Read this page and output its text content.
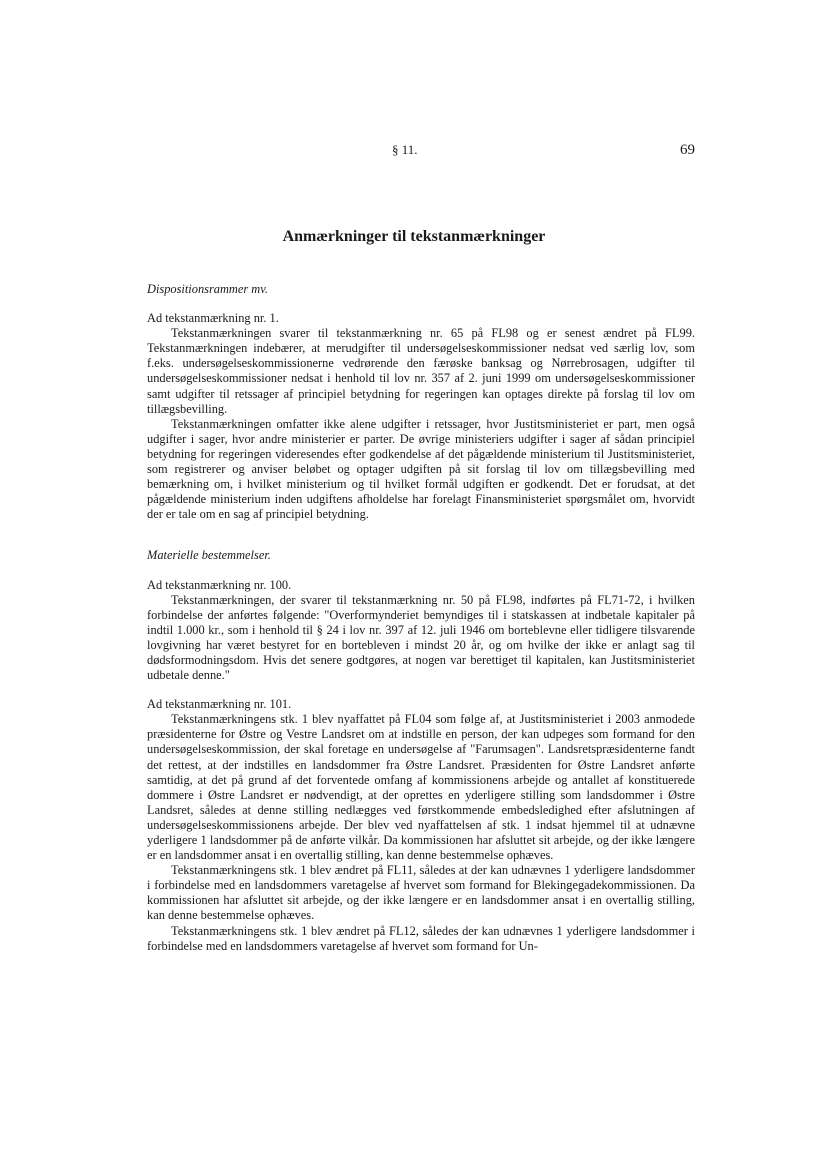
§ 11.	69
Anmærkninger til tekstanmærkninger

Dispositionsrammer mv.

Ad tekstanmærkning nr. 1.

Tekstanmærkningen svarer til tekstanmærkning nr. 65 på FL98 og er senest ændret på FL99. Tekstanmærkningen indebærer, at merudgifter til undersøgelseskommissioner nedsat ved særlig lov, som f.eks. undersøgelseskommissionerne vedrørende den færøske banksag og Nørrebrosagen, udgifter til undersøgelseskommissioner nedsat i henhold til lov nr. 357 af 2. juni 1999 om undersøgelseskommissioner samt udgifter til retssager af principiel betydning for regeringen kan optages direkte på forslag til lov om tillægsbevilling.

Tekstanmærkningen omfatter ikke alene udgifter i retssager, hvor Justitsministeriet er part, men også udgifter i sager, hvor andre ministerier er parter. De øvrige ministeriers udgifter i sager af sådan principiel betydning for regeringen videresendes efter godkendelse af det pågældende ministerium til Justitsministeriet, som registrerer og anviser beløbet og optager udgiften på sit forslag til lov om tillægsbevilling med bemærkning om, i hvilket ministerium og til hvilket formål udgiften er godkendt. Det er forudsat, at det pågældende ministerium inden udgiftens afholdelse har forelagt Finansministeriet spørgsmålet om, hvorvidt der er tale om en sag af principiel betydning.

Materielle bestemmelser.

Ad tekstanmærkning nr. 100.

Tekstanmærkningen, der svarer til tekstanmærkning nr. 50 på FL98, indførtes på FL71-72, i hvilken forbindelse der anførtes følgende: "Overformynderiet bemyndiges til i statskassen at indbetale kapitaler på indtil 1.000 kr., som i henhold til § 24 i lov nr. 397 af 12. juli 1946 om borteblevne eller tidligere tilsvarende lovgivning har været bestyret for en bortebleven i mindst 20 år, og om hvilke der ikke er anlagt sag til dødsformodningsdom. Hvis det senere godtgøres, at nogen var berettiget til kapitalen, kan Justitsministeriet udbetale denne."

Ad tekstanmærkning nr. 101.

Tekstanmærkningens stk. 1 blev nyaffattet på FL04 som følge af, at Justitsministeriet i 2003 anmodede præsidenterne for Østre og Vestre Landsret om at indstille en person, der kan udpeges som formand for den undersøgelseskommission, der skal foretage en undersøgelse af "Farumsagen". Landsretspræsidenterne fandt det rettest, at der indstilles en landsdommer fra Østre Landsret. Præsidenten for Østre Landsret anførte samtidig, at det på grund af det forventede omfang af kommissionens arbejde og antallet af konstituerede dommere i Østre Landsret er nødvendigt, at der oprettes en yderligere stilling som landsdommer i Østre Landsret, således at denne stilling nedlægges ved førstkommende embedsledighed efter afslutningen af undersøgelseskommissionens arbejde. Der blev ved nyaffattelsen af stk. 1 indsat hjemmel til at udnævne yderligere 1 landsdommer på de anførte vilkår. Da kommissionen har afsluttet sit arbejde, og der ikke længere er en landsdommer ansat i en overtallig stilling, kan denne bestemmelse ophæves.

Tekstanmærkningens stk. 1 blev ændret på FL11, således at der kan udnævnes 1 yderligere landsdommer i forbindelse med en landsdommers varetagelse af hvervet som formand for Blekingegadekommissionen. Da kommissionen har afsluttet sit arbejde, og der ikke længere er en landsdommer ansat i en overtallig stilling, kan denne bestemmelse ophæves.

Tekstanmærkningens stk. 1 blev ændret på FL12, således der kan udnævnes 1 yderligere landsdommer i forbindelse med en landsdommers varetagelse af hvervet som formand for Un-
